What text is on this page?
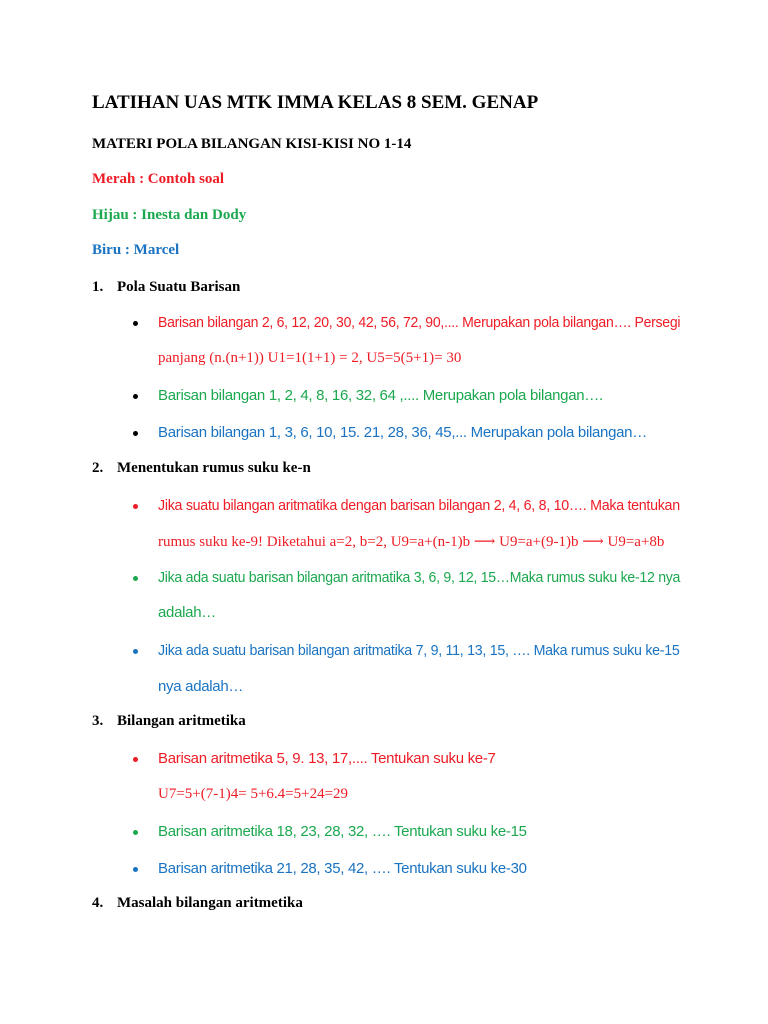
LATIHAN UAS MTK IMMA KELAS 8 SEM. GENAP
MATERI POLA BILANGAN KISI-KISI NO 1-14
Merah : Contoh soal
Hijau : Inesta dan Dody
Biru : Marcel
1. Pola Suatu Barisan
Barisan bilangan 2, 6, 12, 20, 30, 42, 56, 72, 90,.... Merupakan pola bilangan…. Persegi
panjang (n.(n+1)) U1=1(1+1) = 2, U5=5(5+1)= 30
Barisan bilangan 1, 2, 4, 8, 16, 32, 64 ,.... Merupakan pola bilangan….
Barisan bilangan 1, 3, 6, 10, 15. 21, 28, 36, 45,... Merupakan pola bilangan…
2. Menentukan rumus suku ke-n
Jika suatu bilangan aritmatika dengan barisan bilangan 2, 4, 6, 8, 10…. Maka tentukan
rumus suku ke-9! Diketahui a=2, b=2, U9=a+(n-1)b ⟶ U9=a+(9-1)b ⟶ U9=a+8b
Jika ada suatu barisan bilangan aritmatika 3, 6, 9, 12, 15…Maka rumus suku ke-12 nya
adalah…
Jika ada suatu barisan bilangan aritmatika 7, 9, 11, 13, 15, …. Maka rumus suku ke-15
nya adalah…
3. Bilangan aritmetika
Barisan aritmetika 5, 9. 13, 17,.... Tentukan suku ke-7
U7=5+(7-1)4= 5+6.4=5+24=29
Barisan aritmetika 18, 23, 28, 32, …. Tentukan suku ke-15
Barisan aritmetika 21, 28, 35, 42, …. Tentukan suku ke-30
4. Masalah bilangan aritmetika
